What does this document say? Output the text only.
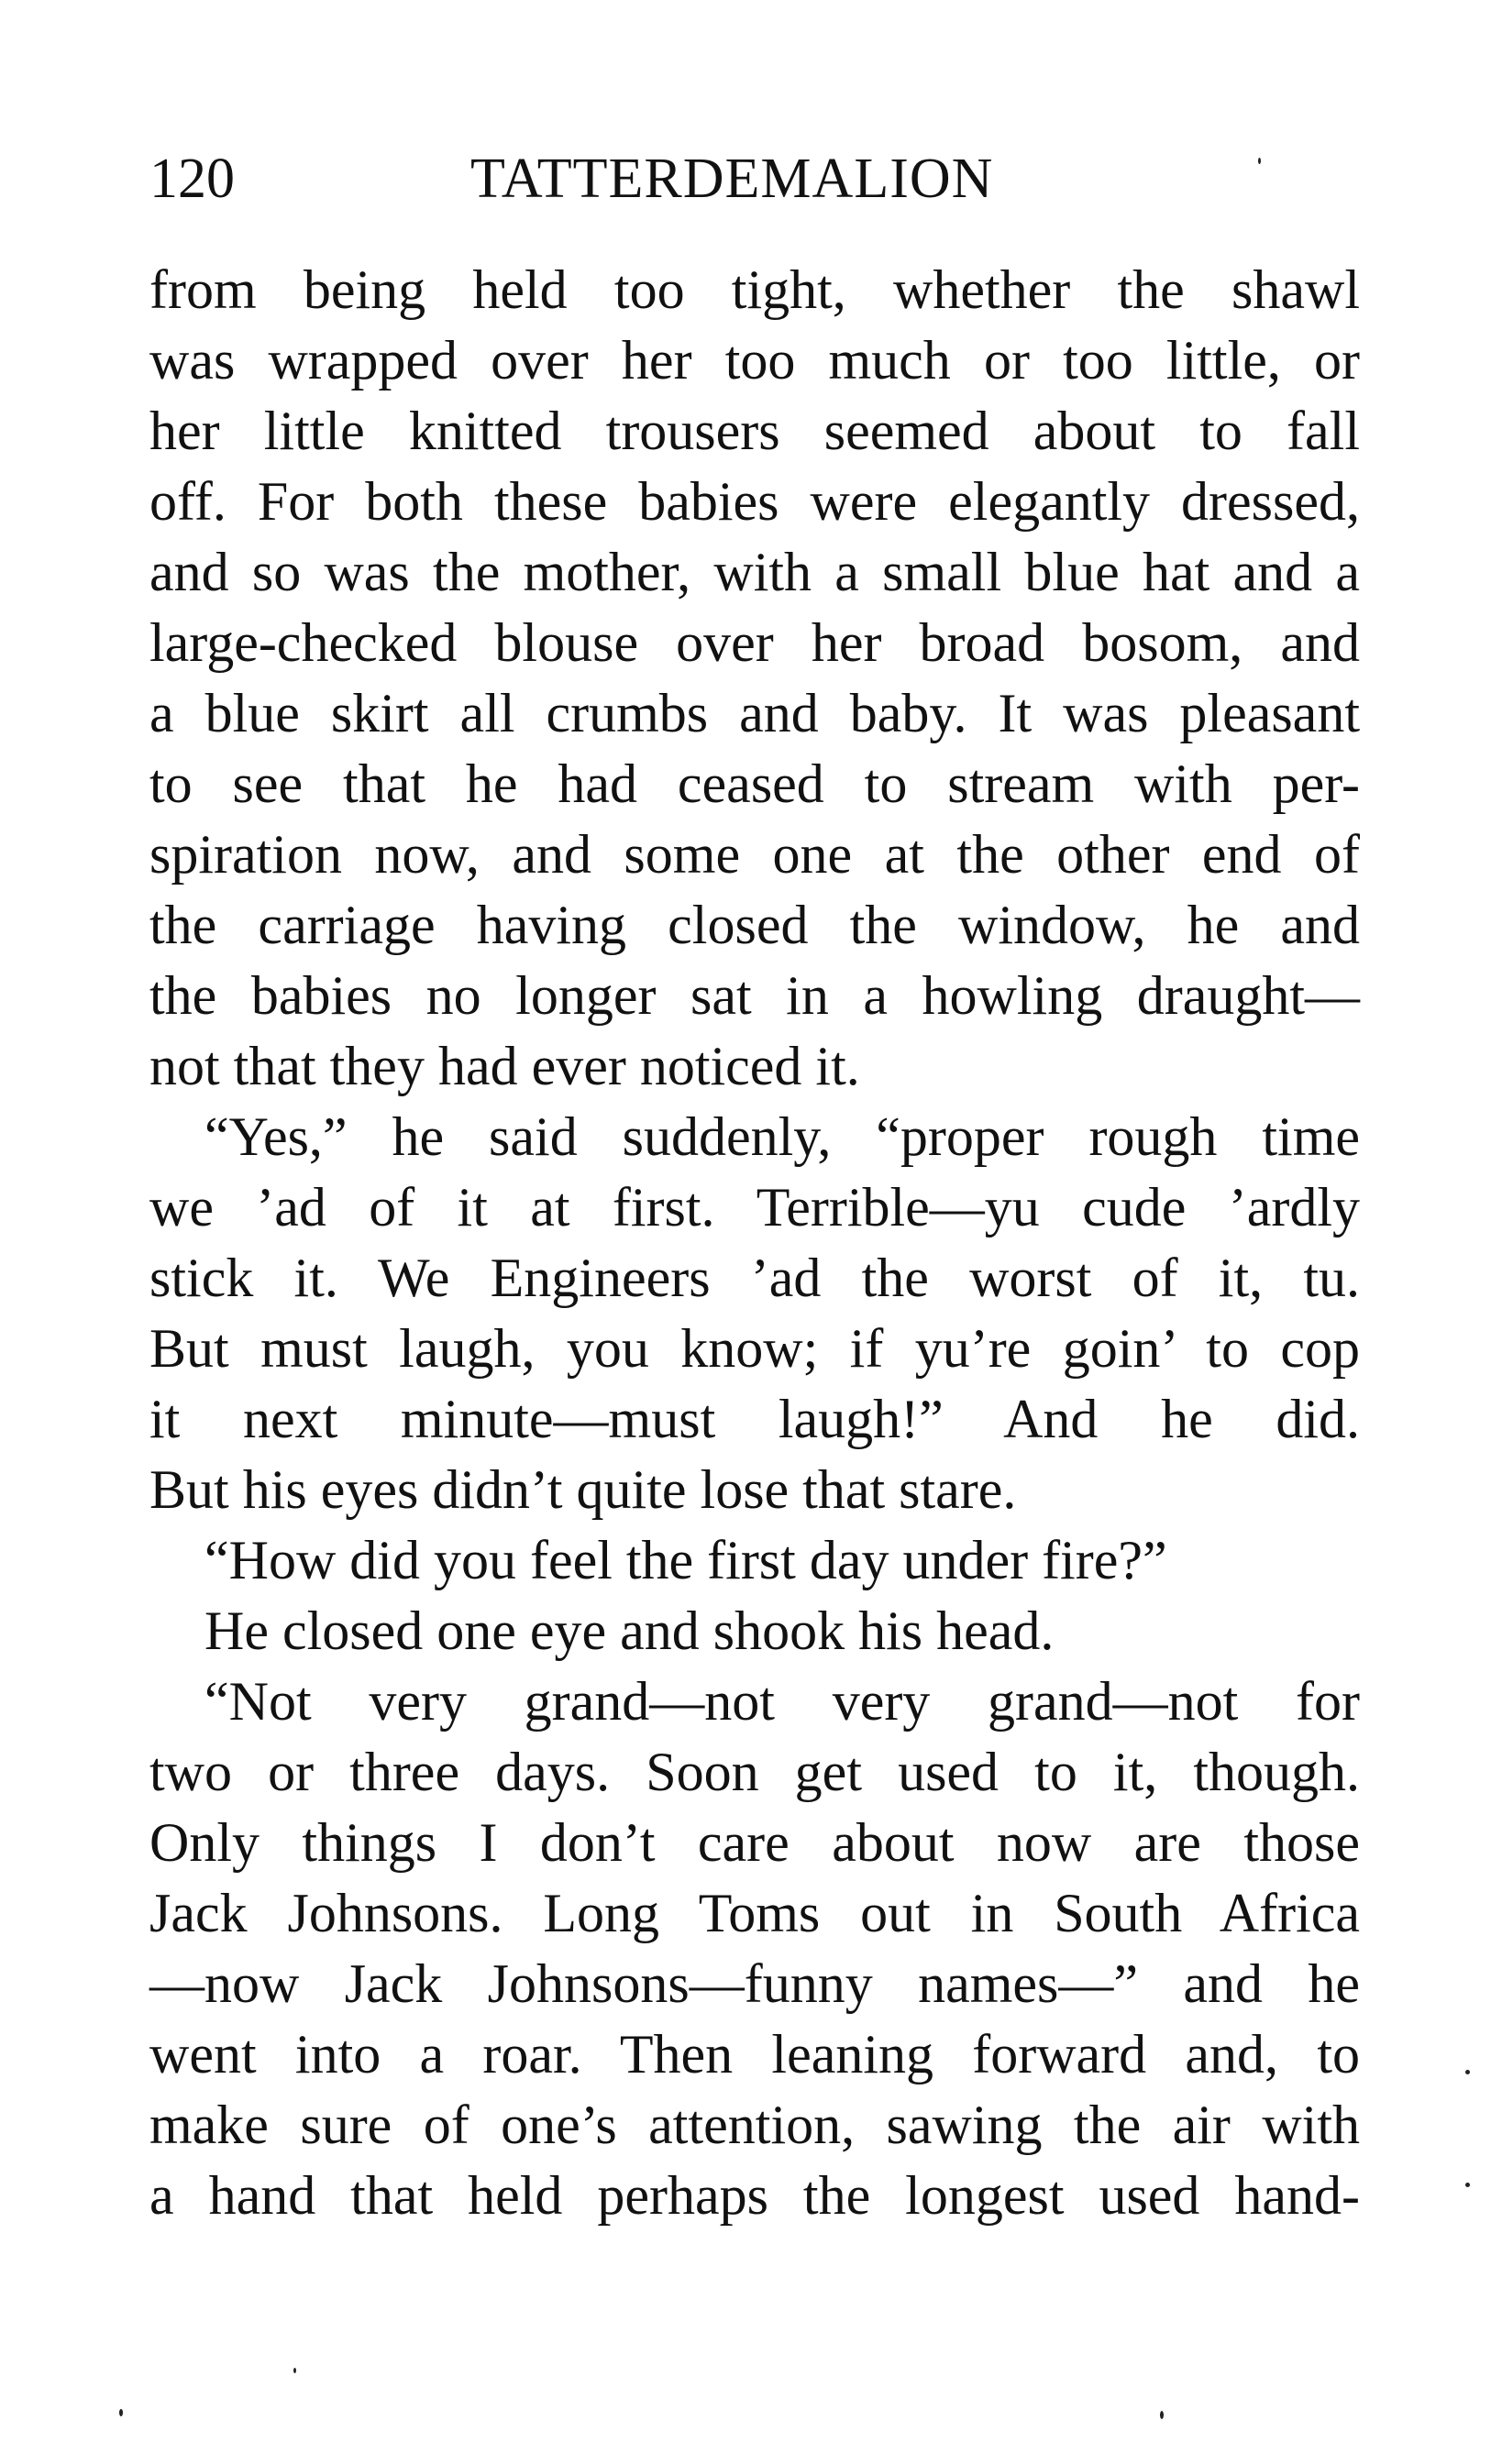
120	TATTERDEMALION
from being held too tight, whether the shawl
was wrapped over her too much or too little, or
her little knitted trousers seemed about to fall
off. For both these babies were elegantly dressed,
and so was the mother, with a small blue hat and a
large-checked blouse over her broad bosom, and
a blue skirt all crumbs and baby. It was pleasant
to see that he had ceased to stream with per-
spiration now, and some one at the other end of
the carriage having closed the window, he and
the babies no longer sat in a howling draught—
not that they had ever noticed it.
“Yes,” he said suddenly, “proper rough time
we ’ad of it at first. Terrible—yu cude ’ardly
stick it. We Engineers ’ad the worst of it, tu.
But must laugh, you know; if yu’re goin’ to cop
it next minute—must laugh!” And he did.
But his eyes didn’t quite lose that stare.
“How did you feel the first day under fire?”
He closed one eye and shook his head.
“Not very grand—not very grand—not for
two or three days. Soon get used to it, though.
Only things I don’t care about now are those
Jack Johnsons. Long Toms out in South Africa
—now Jack Johnsons—funny names—” and he
went into a roar. Then leaning forward and, to
make sure of one’s attention, sawing the air with
a hand that held perhaps the longest used hand-
